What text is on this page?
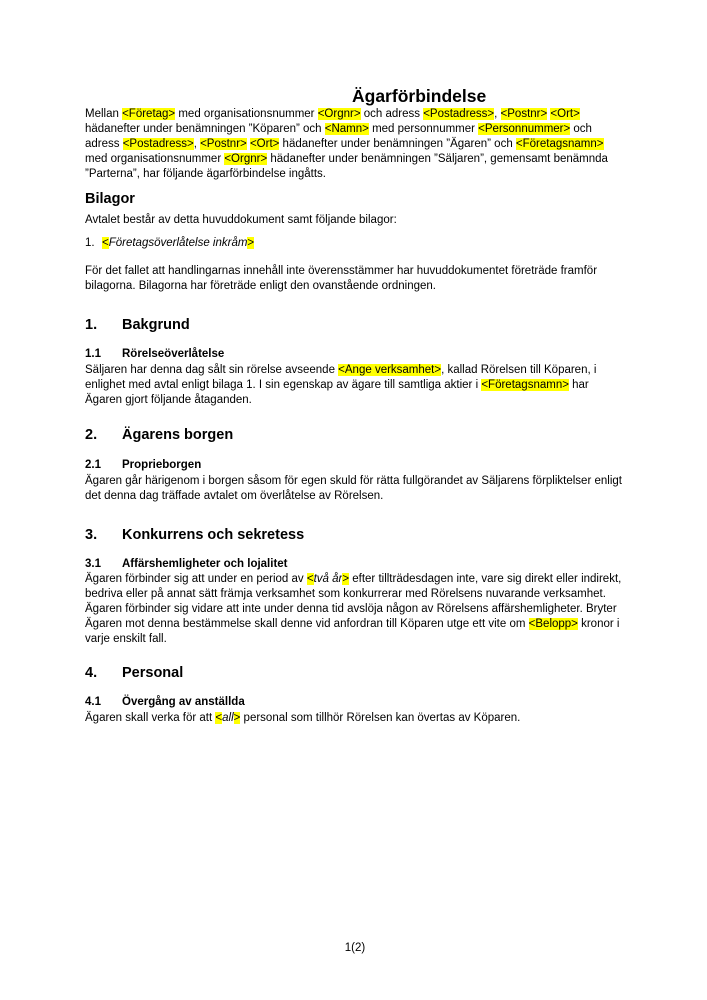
Ägarförbindelse

Mellan <Företag> med organisationsnummer <Orgnr> och adress <Postadress>, <Postnr> <Ort> hädanefter under benämningen ”Köparen” och <Namn> med personnummer <Personnummer> och adress <Postadress>, <Postnr> <Ort> hädanefter under benämningen ”Ägaren” och <Företagsnamn> med organisationsnummer <Orgnr> hädanefter under benämningen ”Säljaren”, gemensamt benämnda ”Parterna”, har följande ägarförbindelse ingåtts.

Bilagor

Avtalet består av detta huvuddokument samt följande bilagor:

1. <Företagsöverlåtelse inkråm>

För det fallet att handlingarnas innehåll inte överensstämmer har huvuddokumentet företräde framför bilagorna. Bilagorna har företräde enligt den ovanstående ordningen.

1.	Bakgrund
1.1	Rörelseöverlåtelse

Säljaren har denna dag sålt sin rörelse avseende <Ange verksamhet>, kallad Rörelsen till Köparen, i enlighet med avtal enligt bilaga 1. I sin egenskap av ägare till samtliga aktier i <Företagsnamn> har Ägaren gjort följande åtaganden.

2.	Ägarens borgen
2.1	Proprieborgen

Ägaren går härigenom i borgen såsom för egen skuld för rätta fullgörandet av Säljarens förpliktelser enligt det denna dag träffade avtalet om överlåtelse av Rörelsen.

3.	Konkurrens och sekretess
3.1	Affärshemligheter och lojalitet

Ägaren förbinder sig att under en period av <två år> efter tillträdesdagen inte, vare sig direkt eller indirekt, bedriva eller på annat sätt främja verksamhet som konkurrerar med Rörelsens nuvarande verksamhet. Ägaren förbinder sig vidare att inte under denna tid avslöja någon av Rörelsens affärshemligheter. Bryter Ägaren mot denna bestämmelse skall denne vid anfordran till Köparen utge ett vite om <Belopp> kronor i varje enskilt fall.

4.	Personal
4.1	Övergång av anställda

Ägaren skall verka för att <all> personal som tillhör Rörelsen kan övertas av Köparen.

1(2)
